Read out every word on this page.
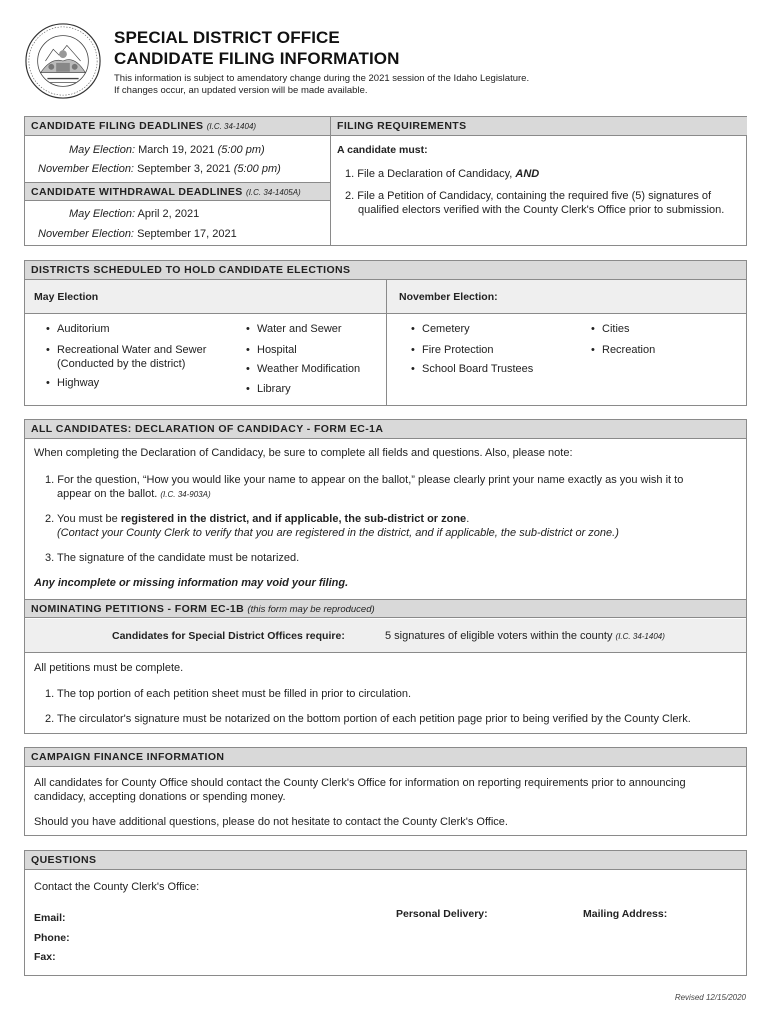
SPECIAL DISTRICT OFFICE
CANDIDATE FILING INFORMATION
This information is subject to amendatory change during the 2021 session of the Idaho Legislature.
If changes occur, an updated version will be made available.
CANDIDATE FILING DEADLINES (I.C. 34-1404)	FILING REQUIREMENTS
May Election: March 19, 2021 (5:00 pm)
November Election: September 3, 2021 (5:00 pm)
CANDIDATE WITHDRAWAL DEADLINES (I.C. 34-1405A)
May Election: April 2, 2021
November Election: September 17, 2021
A candidate must:
1. File a Declaration of Candidacy, AND
2. File a Petition of Candidacy, containing the required five (5) signatures of
qualified electors verified with the County Clerk's Office prior to submission.
DISTRICTS SCHEDULED TO HOLD CANDIDATE ELECTIONS
May Election	November Election:
• Auditorium
• Recreational Water and Sewer
(Conducted by the district)
• Highway
• Water and Sewer
• Hospital
• Weather Modification
• Library
• Cemetery
• Fire Protection
• School Board Trustees
• Cities
• Recreation
ALL CANDIDATES: DECLARATION OF CANDIDACY - FORM EC-1A
When completing the Declaration of Candidacy, be sure to complete all fields and questions. Also, please note:
1. For the question, “How you would like your name to appear on the ballot,” please clearly print your name exactly as you wish it to
appear on the ballot. (I.C. 34-903A)
2. You must be registered in the district, and if applicable, the sub-district or zone.
(Contact your County Clerk to verify that you are registered in the district, and if applicable, the sub-district or zone.)
3. The signature of the candidate must be notarized.
Any incomplete or missing information may void your filing.
NOMINATING PETITIONS - FORM EC-1B (this form may be reproduced)
Candidates for Special District Offices require:	5 signatures of eligible voters within the county (I.C. 34-1404)
All petitions must be complete.
1. The top portion of each petition sheet must be filled in prior to circulation.
2. The circulator's signature must be notarized on the bottom portion of each petition page prior to being verified by the County Clerk.
CAMPAIGN FINANCE INFORMATION
All candidates for County Office should contact the County Clerk's Office for information on reporting requirements prior to announcing
candidacy, accepting donations or spending money.
Should you have additional questions, please do not hesitate to contact the County Clerk's Office.
QUESTIONS
Contact the County Clerk's Office:
Email:
Phone:
Fax:
Personal Delivery:	Mailing Address:
Revised 12/15/2020
